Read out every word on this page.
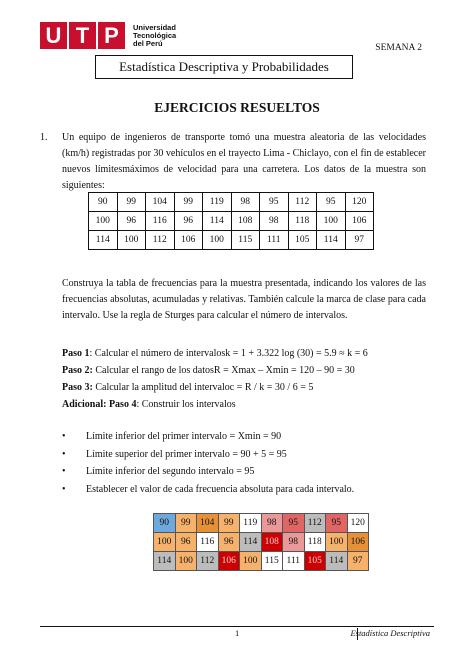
U T P	Universidad
Tecnológica
del Perú	SEMANA 2
Estadística Descriptiva y Probabilidades
EJERCICIOS RESUELTOS

1.	Un equipo de ingenieros de transporte tomó una muestra aleatoria de las velocidades (km/h) registradas por 30 vehículos en el trayecto Lima - Chiclayo, con el fin de establecer nuevos límitesmáximos de velocidad para una carretera. Los datos de la muestra son siguientes:

90	99	104	99	119	98	95	112	95	120
100	96	116	96	114	108	98	118	100	106
114	100	112	106	100	115	111	105	114	97

Construya la tabla de frecuencias para la muestra presentada, indicando los valores de las frecuencias absolutas, acumuladas y relativas. También calcule la marca de clase para cada intervalo. Use la regla de Sturges para calcular el número de intervalos.

Paso 1: Calcular el número de intervalosk = 1 + 3.322 log (30) = 5.9 ≈ k = 6
Paso 2: Calcular el rango de los datosR = Xmax – Xmin = 120 – 90 = 30
Paso 3: Calcular la amplitud del intervaloc = R / k = 30 / 6 = 5
Adicional: Paso 4: Construir los intervalos
• Límite inferior del primer intervalo = Xmin = 90
• Límite superior del primer intervalo = 90 + 5 = 95
• Límite inferior del segundo intervalo = 95
• Establecer el valor de cada frecuencia absoluta para cada intervalo.
90	99	104	99	119	98	95	112	95	120
100	96	116	96	114	108	98	118	100	106
114	100	112	106	100	115	111	105	114	97
1	Estadística Descriptiva
